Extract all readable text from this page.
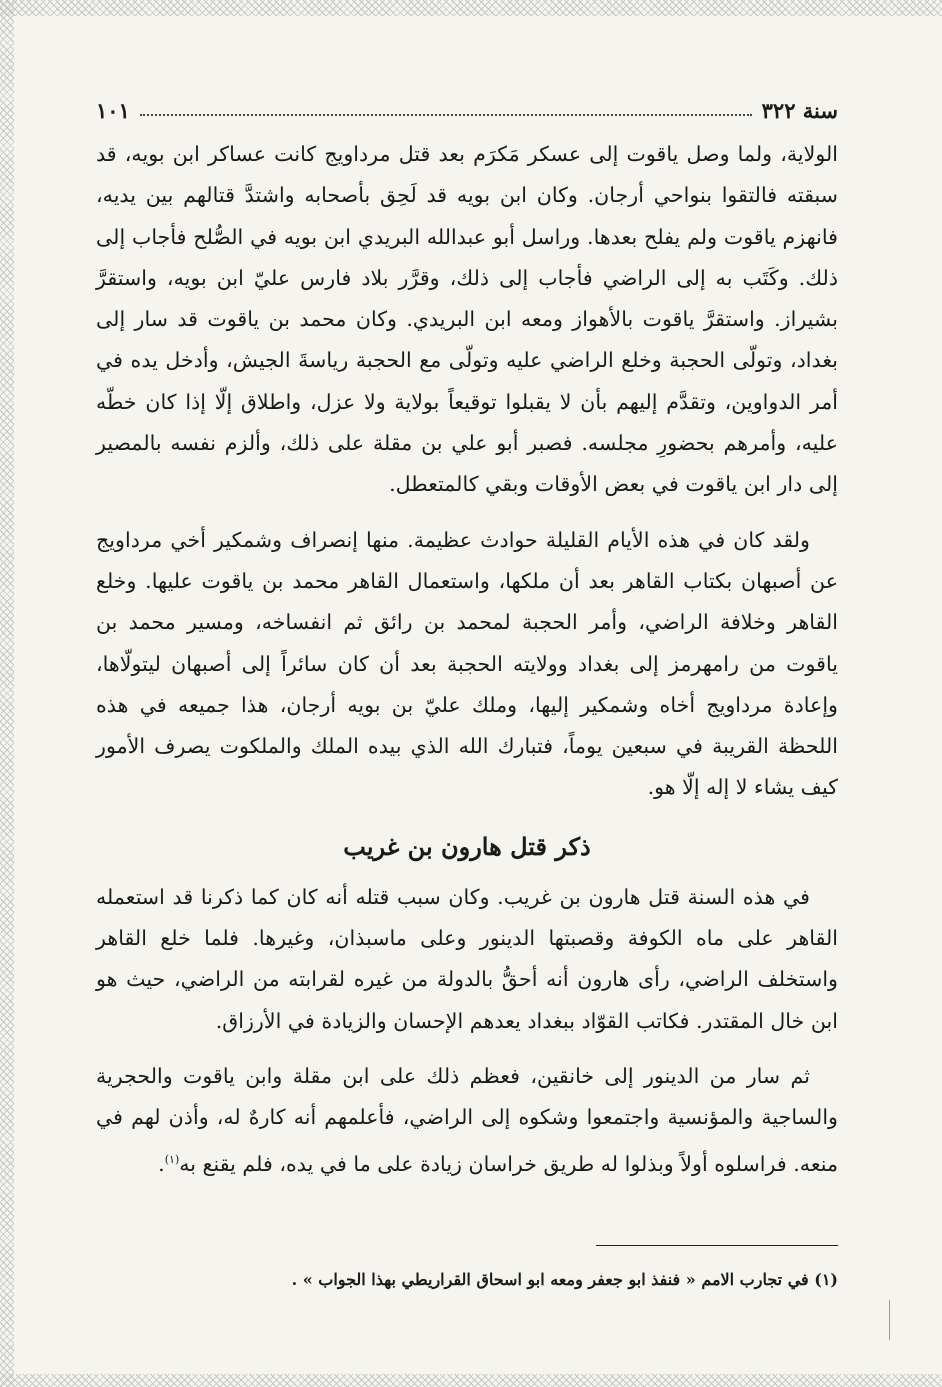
سنة ٣٢٢
١٠١

الولاية، ولما وصل ياقوت إلى عسكر مَكرَم بعد قتل مرداويج كانت عساكر ابن بويه، قد سبقته فالتقوا بنواحي أرجان. وكان ابن بويه قد لَحِق بأصحابه واشتدَّ قتالهم بين يديه، فانهزم ياقوت ولم يفلح بعدها. وراسل أبو عبدالله البريدي ابن بويه في الصُّلح فأجاب إلى ذلك. وكَتَب به إلى الراضي فأجاب إلى ذلك، وقرَّر بلاد فارس عليّ ابن بويه، واستقرَّ بشيراز. واستقرَّ ياقوت بالأهواز ومعه ابن البريدي. وكان محمد بن ياقوت قد سار إلى بغداد، وتولّى الحجبة وخلع الراضي عليه وتولّى مع الحجبة رياسةَ الجيش، وأدخل يده في أمر الدواوين، وتقدَّم إليهم بأن لا يقبلوا توقيعاً بولاية ولا عزل، واطلاق إلّا إذا كان خطّه عليه، وأمرهم بحضورِ مجلسه. فصبر أبو علي بن مقلة على ذلك، وألزم نفسه بالمصير إلى دار ابن ياقوت في بعض الأوقات وبقي كالمتعطل.

ولقد كان في هذه الأيام القليلة حوادث عظيمة. منها إنصراف وشمكير أخي مرداويج عن أصبهان بكتاب القاهر بعد أن ملكها، واستعمال القاهر محمد بن ياقوت عليها. وخلع القاهر وخلافة الراضي، وأمر الحجبة لمحمد بن رائق ثم انفساخه، ومسير محمد بن ياقوت من رامهرمز إلى بغداد وولايته الحجبة بعد أن كان سائراً إلى أصبهان ليتولّاها، وإعادة مرداويج أخاه وشمكير إليها، وملك عليّ بن بويه أرجان، هذا جميعه في هذه اللحظة القريبة في سبعين يوماً، فتبارك الله الذي بيده الملك والملكوت يصرف الأمور كيف يشاء لا إله إلّا هو.

ذكر قتل هارون بن غريب

في هذه السنة قتل هارون بن غريب. وكان سبب قتله أنه كان كما ذكرنا قد استعمله القاهر على ماه الكوفة وقصبتها الدينور وعلى ماسبذان، وغيرها. فلما خلع القاهر واستخلف الراضي، رأى هارون أنه أحقُّ بالدولة من غيره لقرابته من الراضي، حيث هو ابن خال المقتدر. فكاتب القوّاد ببغداد يعدهم الإحسان والزيادة في الأرزاق.

ثم سار من الدينور إلى خانقين، فعظم ذلك على ابن مقلة وابن ياقوت والحجرية والساجية والمؤنسية واجتمعوا وشكوه إلى الراضي، فأعلمهم أنه كارهٌ له، وأذن لهم في منعه. فراسلوه أولاً وبذلوا له طريق خراسان زيادة على ما في يده، فلم يقنع به$^{(١)}$.

(١) في تجارب الامم « فنفذ ابو جعفر ومعه ابو اسحاق القراريطي بهذا الجواب » .
